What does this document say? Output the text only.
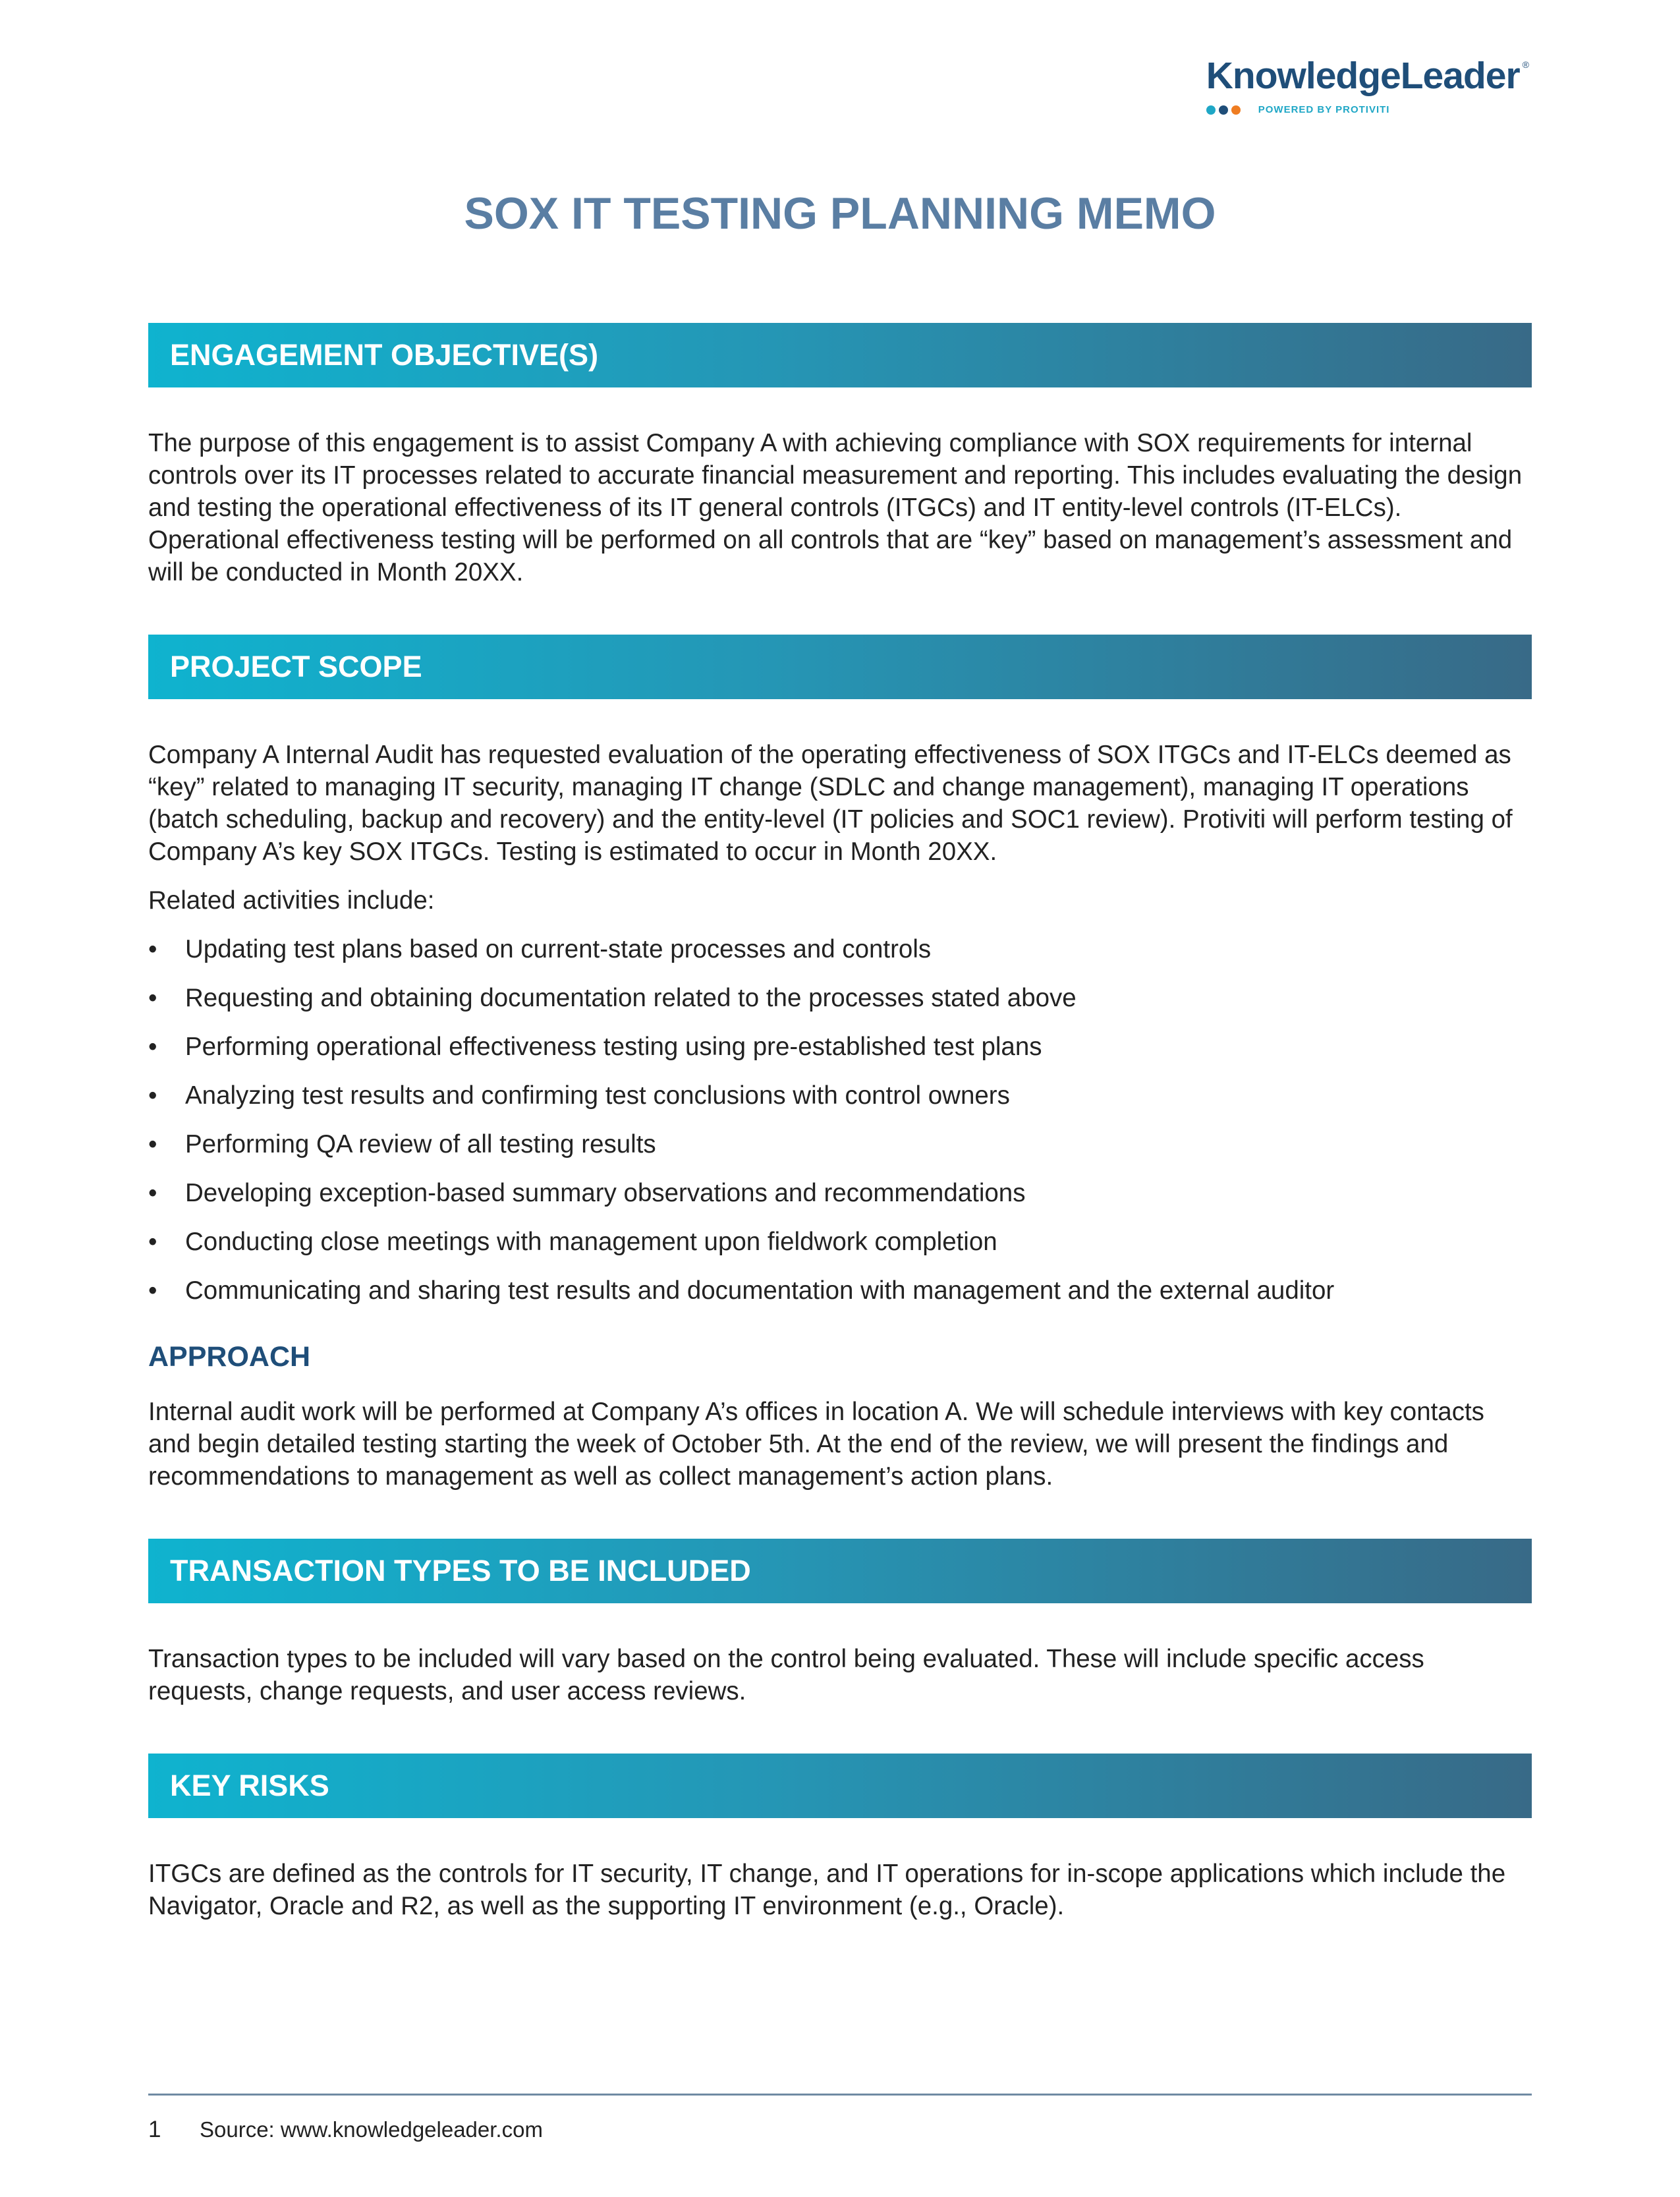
KnowledgeLeader ®
POWERED BY PROTIVITI
SOX IT TESTING PLANNING MEMO
ENGAGEMENT OBJECTIVE(S)

The purpose of this engagement is to assist Company A with achieving compliance with SOX requirements for internal controls over its IT processes related to accurate financial measurement and reporting. This includes evaluating the design and testing the operational effectiveness of its IT general controls (ITGCs) and IT entity-level controls (IT-ELCs). Operational effectiveness testing will be performed on all controls that are “key” based on management’s assessment and will be conducted in Month 20XX.

PROJECT SCOPE

Company A Internal Audit has requested evaluation of the operating effectiveness of SOX ITGCs and IT-ELCs deemed as “key” related to managing IT security, managing IT change (SDLC and change management), managing IT operations (batch scheduling, backup and recovery) and the entity-level (IT policies and SOC1 review). Protiviti will perform testing of Company A’s key SOX ITGCs. Testing is estimated to occur in Month 20XX.

Related activities include:

• Updating test plans based on current-state processes and controls
• Requesting and obtaining documentation related to the processes stated above
• Performing operational effectiveness testing using pre-established test plans
• Analyzing test results and confirming test conclusions with control owners
• Performing QA review of all testing results
• Developing exception-based summary observations and recommendations
• Conducting close meetings with management upon fieldwork completion
• Communicating and sharing test results and documentation with management and the external auditor
APPROACH

Internal audit work will be performed at Company A’s offices in location A. We will schedule interviews with key contacts and begin detailed testing starting the week of October 5th. At the end of the review, we will present the findings and recommendations to management as well as collect management’s action plans.

TRANSACTION TYPES TO BE INCLUDED

Transaction types to be included will vary based on the control being evaluated. These will include specific access requests, change requests, and user access reviews.

KEY RISKS

ITGCs are defined as the controls for IT security, IT change, and IT operations for in-scope applications which include the Navigator, Oracle and R2, as well as the supporting IT environment (e.g., Oracle).

1	Source: www.knowledgeleader.com
